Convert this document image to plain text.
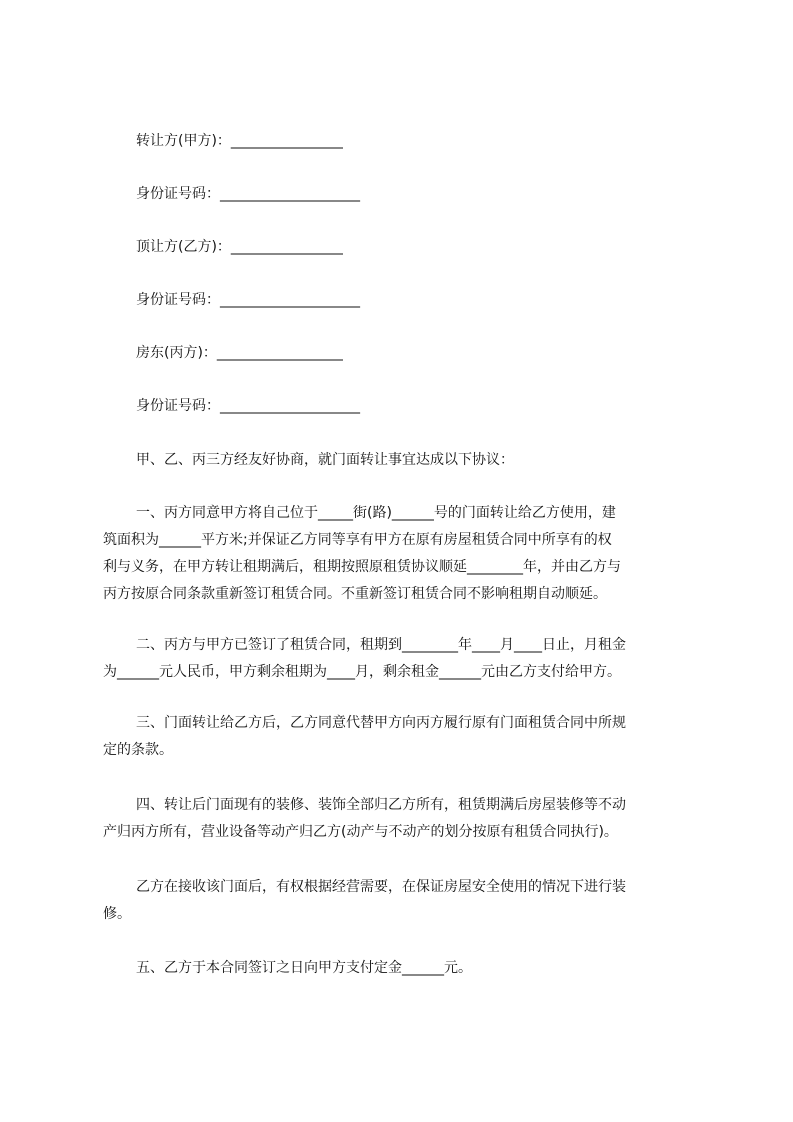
转让方(甲方)：________________
身份证号码：____________________
顶让方(乙方)：________________
身份证号码：____________________
房东(丙方)：__________________
身份证号码：____________________
甲、乙、丙三方经友好协商，就门面转让事宜达成以下协议：

一、丙方同意甲方将自己位于_____街(路)______号的门面转让给乙方使用，建

筑面积为______平方米;并保证乙方同等享有甲方在原有房屋租赁合同中所享有的权

利与义务，在甲方转让租期满后，租期按照原租赁协议顺延________年，并由乙方与

丙方按原合同条款重新签订租赁合同。不重新签订租赁合同不影响租期自动顺延。

二、丙方与甲方已签订了租赁合同，租期到________年____月____日止，月租金

为______元人民币，甲方剩余租期为____月，剩余租金______元由乙方支付给甲方。

三、门面转让给乙方后，乙方同意代替甲方向丙方履行原有门面租赁合同中所规

定的条款。

四、转让后门面现有的装修、装饰全部归乙方所有，租赁期满后房屋装修等不动

产归丙方所有，营业设备等动产归乙方(动产与不动产的划分按原有租赁合同执行)。

乙方在接收该门面后，有权根据经营需要，在保证房屋安全使用的情况下进行装

修。

五、乙方于本合同签订之日向甲方支付定金______元。
